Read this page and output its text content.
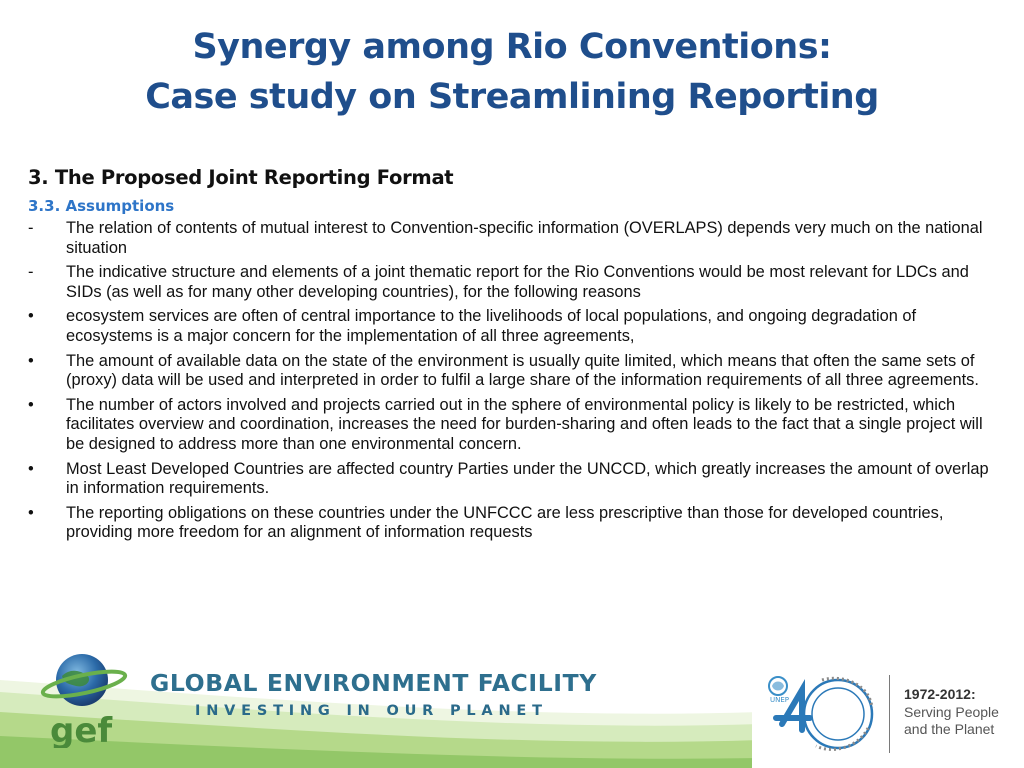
Synergy among Rio Conventions:
Case study on Streamlining Reporting
3. The Proposed Joint Reporting Format
3.3. Assumptions
-	The relation of contents of mutual interest to Convention-specific information (OVERLAPS) depends very much on the national situation
-	The indicative structure and elements of a joint thematic report for the Rio Conventions would be most relevant for LDCs and SIDs (as well as for many other developing countries), for the following reasons
•	ecosystem services are often of central importance to the livelihoods of local populations, and ongoing degradation of ecosystems is a major concern for the implementation of all three agreements,
•	The amount of available data on the state of the environment is usually quite limited, which means that often the same sets of (proxy) data will be used and interpreted in order to fulfil a large share of the information requirements of all three agreements.
•	The number of actors involved and projects carried out in the sphere of environmental policy is likely to be restricted, which facilitates overview and coordination, increases the need for burden-sharing and often leads to the fact that a single project will be designed to address more than one environmental concern.
•	Most Least Developed Countries are affected country Parties under the UNCCD, which greatly increases the amount of overlap in information requirements.
•	The reporting obligations on these countries under the UNFCCC are less prescriptive than those for developed countries, providing more freedom for an alignment of information requests
gef
GLOBAL ENVIRONMENT FACILITY
INVESTING IN OUR PLANET
UNEP	1972-2012:
Serving People
and the Planet
